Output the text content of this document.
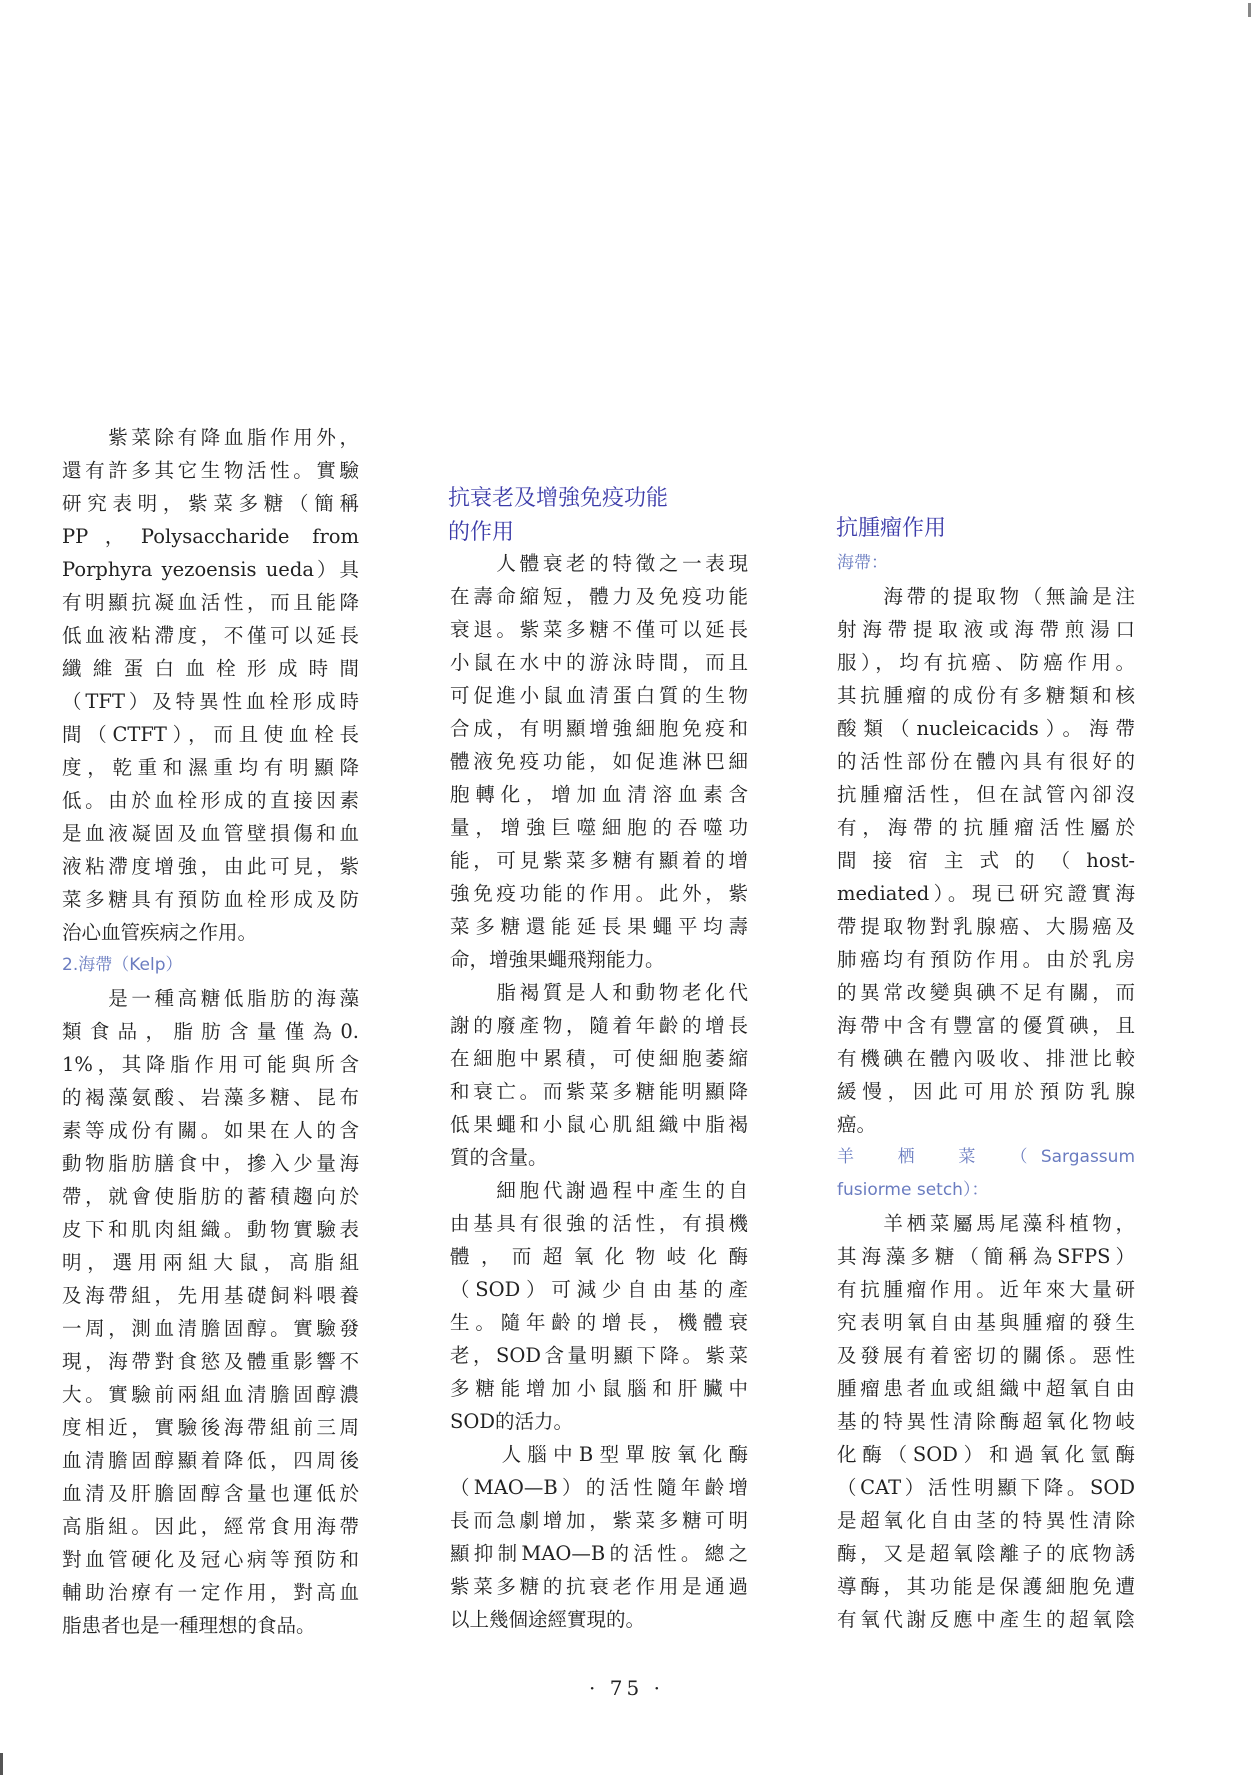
　　紫菜除有降血脂作用外，
還有許多其它生物活性。實驗
研究表明，紫菜多糖（簡稱
PP，Polysaccharide from
Porphyra yezoensis ueda）具
有明顯抗凝血活性，而且能降
低血液粘滯度，不僅可以延長
纖維蛋白血栓形成時間
（TFT）及特異性血栓形成時
間（CTFT），而且使血栓長
度，乾重和濕重均有明顯降
低。由於血栓形成的直接因素
是血液凝固及血管壁損傷和血
液粘滯度增強，由此可見，紫
菜多糖具有預防血栓形成及防
治心血管疾病之作用。
2.海帶（Kelp）
　　是一種高糖低脂肪的海藻
類食品，脂肪含量僅為0.
1%，其降脂作用可能與所含
的褐藻氨酸、岩藻多糖、昆布
素等成份有關。如果在人的含
動物脂肪膳食中，摻入少量海
帶，就會使脂肪的蓄積趨向於
皮下和肌肉組織。動物實驗表
明，選用兩組大鼠，高脂組
及海帶組，先用基礎飼料喂養
一周，測血清膽固醇。實驗發
現，海帶對食慾及體重影響不
大。實驗前兩組血清膽固醇濃
度相近，實驗後海帶組前三周
血清膽固醇顯着降低，四周後
血清及肝膽固醇含量也運低於
高脂組。因此，經常食用海帶
對血管硬化及冠心病等預防和
輔助治療有一定作用，對高血
脂患者也是一種理想的食品。
抗衰老及增強免疫功能
的作用
　　人體衰老的特徵之一表現
在壽命縮短，體力及免疫功能
衰退。紫菜多糖不僅可以延長
小鼠在水中的游泳時間，而且
可促進小鼠血清蛋白質的生物
合成，有明顯增強細胞免疫和
體液免疫功能，如促進淋巴細
胞轉化，增加血清溶血素含
量，增強巨噬細胞的吞噬功
能，可見紫菜多糖有顯着的增
強免疫功能的作用。此外，紫
菜多糖還能延長果蠅平均壽
命，增強果蠅飛翔能力。
　　脂褐質是人和動物老化代
謝的廢產物，隨着年齡的增長
在細胞中累積，可使細胞萎縮
和衰亡。而紫菜多糖能明顯降
低果蠅和小鼠心肌組織中脂褐
質的含量。
　　細胞代謝過程中產生的自
由基具有很強的活性，有損機
體，而超氧化物岐化酶
（SOD）可減少自由基的產
生。隨年齡的增長，機體衰
老，SOD含量明顯下降。紫菜
多糖能增加小鼠腦和肝臟中
SOD的活力。
　　人腦中B型單胺氧化酶
（MAO—B）的活性隨年齡增
長而急劇增加，紫菜多糖可明
顯抑制MAO—B的活性。總之
紫菜多糖的抗衰老作用是通過
以上幾個途經實現的。
抗腫瘤作用
海帶：
　　海帶的提取物（無論是注
射海帶提取液或海帶煎湯口
服），均有抗癌、防癌作用。
其抗腫瘤的成份有多糖類和核
酸類（nucleicacids）。海帶
的活性部份在體內具有很好的
抗腫瘤活性，但在試管內卻沒
有，海帶的抗腫瘤活性屬於
間接宿主式的（host-
mediated）。現已研究證實海
帶提取物對乳腺癌、大腸癌及
肺癌均有預防作用。由於乳房
的異常改變與碘不足有關，而
海帶中含有豐富的優質碘，且
有機碘在體內吸收、排泄比較
緩慢，因此可用於預防乳腺
癌。
羊　栖　菜　（Sargassum
fusiorme setch）：
　　羊栖菜屬馬尾藻科植物，
其海藻多糖（簡稱為SFPS）
有抗腫瘤作用。近年來大量研
究表明氧自由基與腫瘤的發生
及發展有着密切的關係。惡性
腫瘤患者血或組織中超氧自由
基的特異性清除酶超氧化物岐
化酶（SOD）和過氧化氫酶
（CAT）活性明顯下降。SOD
是超氧化自由茎的特異性清除
酶，又是超氧陰離子的底物誘
導酶，其功能是保護細胞免遭
有氧代謝反應中產生的超氧陰
· 75 ·
